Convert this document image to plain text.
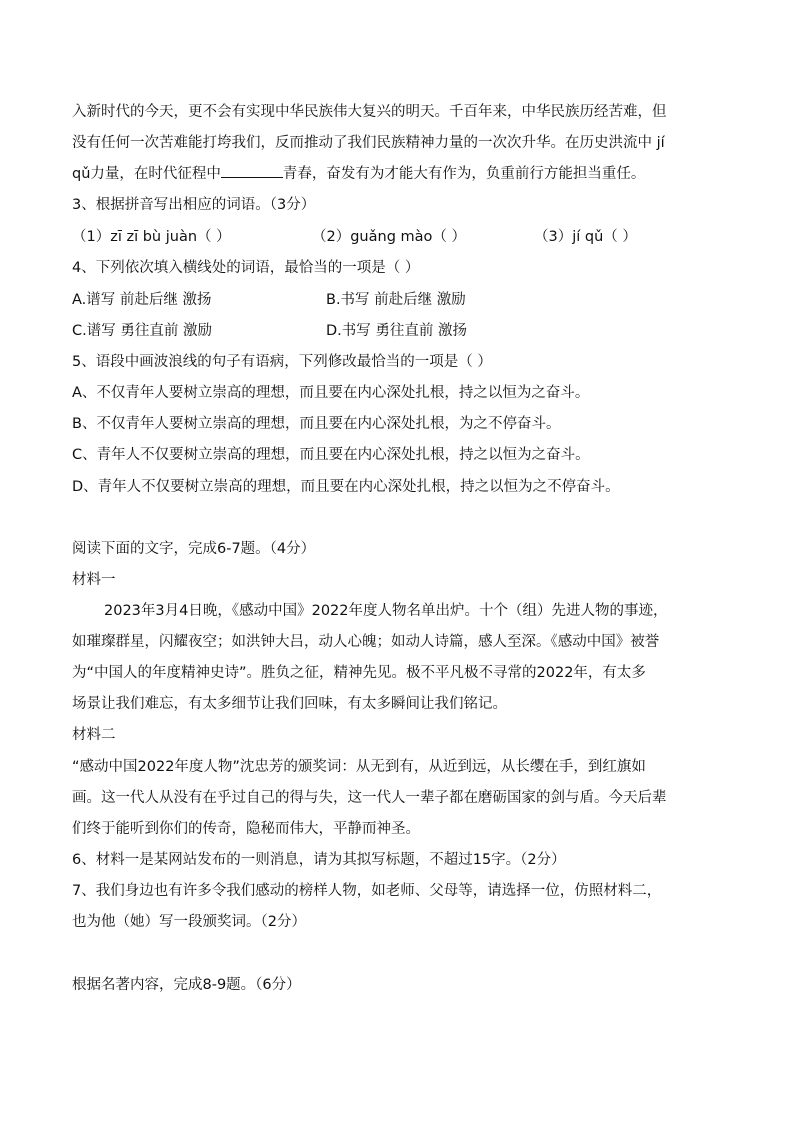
入新时代的今天，更不会有实现中华民族伟大复兴的明天。千百年来，中华民族历经苦难，但
没有任何一次苦难能打垮我们，反而推动了我们民族精神力量的一次次升华。在历史洪流中 jí
qǔ力量，在时代征程中	青春，奋发有为才能大有作为，负重前行方能担当重任。
3、根据拼音写出相应的词语。（3分）
（1）zī zī bù juàn（ ）	（2）guǎng mào（ ）	（3）jí qǔ（ ）
4、下列依次填入横线处的词语，最恰当的一项是（ ）
A.谱写 前赴后继 激扬	B.书写 前赴后继 激励
C.谱写 勇往直前 激励	D.书写 勇往直前 激扬
5、语段中画波浪线的句子有语病，下列修改最恰当的一项是（ ）
A、不仅青年人要树立崇高的理想，而且要在内心深处扎根，持之以恒为之奋斗。
B、不仅青年人要树立崇高的理想，而且要在内心深处扎根，为之不停奋斗。
C、青年人不仅要树立崇高的理想，而且要在内心深处扎根，持之以恒为之奋斗。
D、青年人不仅要树立崇高的理想，而且要在内心深处扎根，持之以恒为之不停奋斗。
阅读下面的文字，完成6-7题。（4分）
材料一
2023年3月4日晚，《感动中国》2022年度人物名单出炉。十个（组）先进人物的事迹，
如璀璨群星，闪耀夜空；如洪钟大吕，动人心魄；如动人诗篇，感人至深。《感动中国》被誉
为“中国人的年度精神史诗”。胜负之征，精神先见。极不平凡极不寻常的2022年，有太多
场景让我们难忘，有太多细节让我们回味，有太多瞬间让我们铭记。
材料二
“感动中国2022年度人物”沈忠芳的颁奖词：从无到有，从近到远，从长缨在手，到红旗如
画。这一代人从没有在乎过自己的得与失，这一代人一辈子都在磨砺国家的剑与盾。今天后辈
们终于能听到你们的传奇，隐秘而伟大，平静而神圣。
6、材料一是某网站发布的一则消息，请为其拟写标题，不超过15字。（2分）
7、我们身边也有许多令我们感动的榜样人物，如老师、父母等，请选择一位，仿照材料二，
也为他（她）写一段颁奖词。（2分）
根据名著内容，完成8-9题。（6分）
